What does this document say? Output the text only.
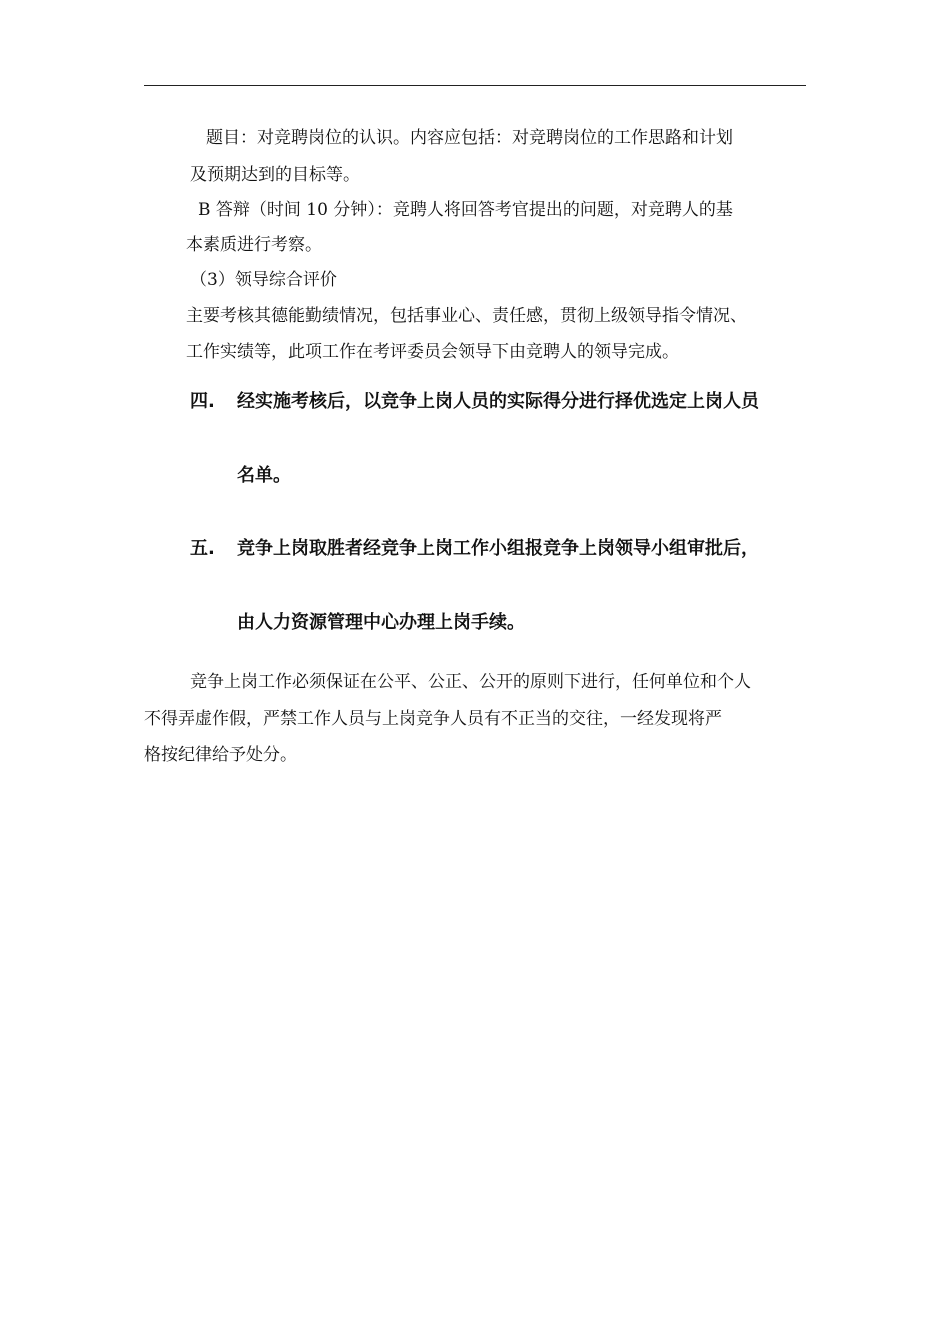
题目：对竞聘岗位的认识。内容应包括：对竞聘岗位的工作思路和计划
及预期达到的目标等。
B 答辩（时间 10 分钟）：竞聘人将回答考官提出的问题，对竞聘人的基
本素质进行考察。
（3）领导综合评价
主要考核其德能勤绩情况，包括事业心、责任感，贯彻上级领导指令情况、
工作实绩等，此项工作在考评委员会领导下由竞聘人的领导完成。
四. 经实施考核后，以竞争上岗人员的实际得分进行择优选定上岗人员
名单。
五. 竞争上岗取胜者经竞争上岗工作小组报竞争上岗领导小组审批后，
由人力资源管理中心办理上岗手续。
竞争上岗工作必须保证在公平、公正、公开的原则下进行，任何单位和个人
不得弄虚作假，严禁工作人员与上岗竞争人员有不正当的交往，一经发现将严
格按纪律给予处分。
